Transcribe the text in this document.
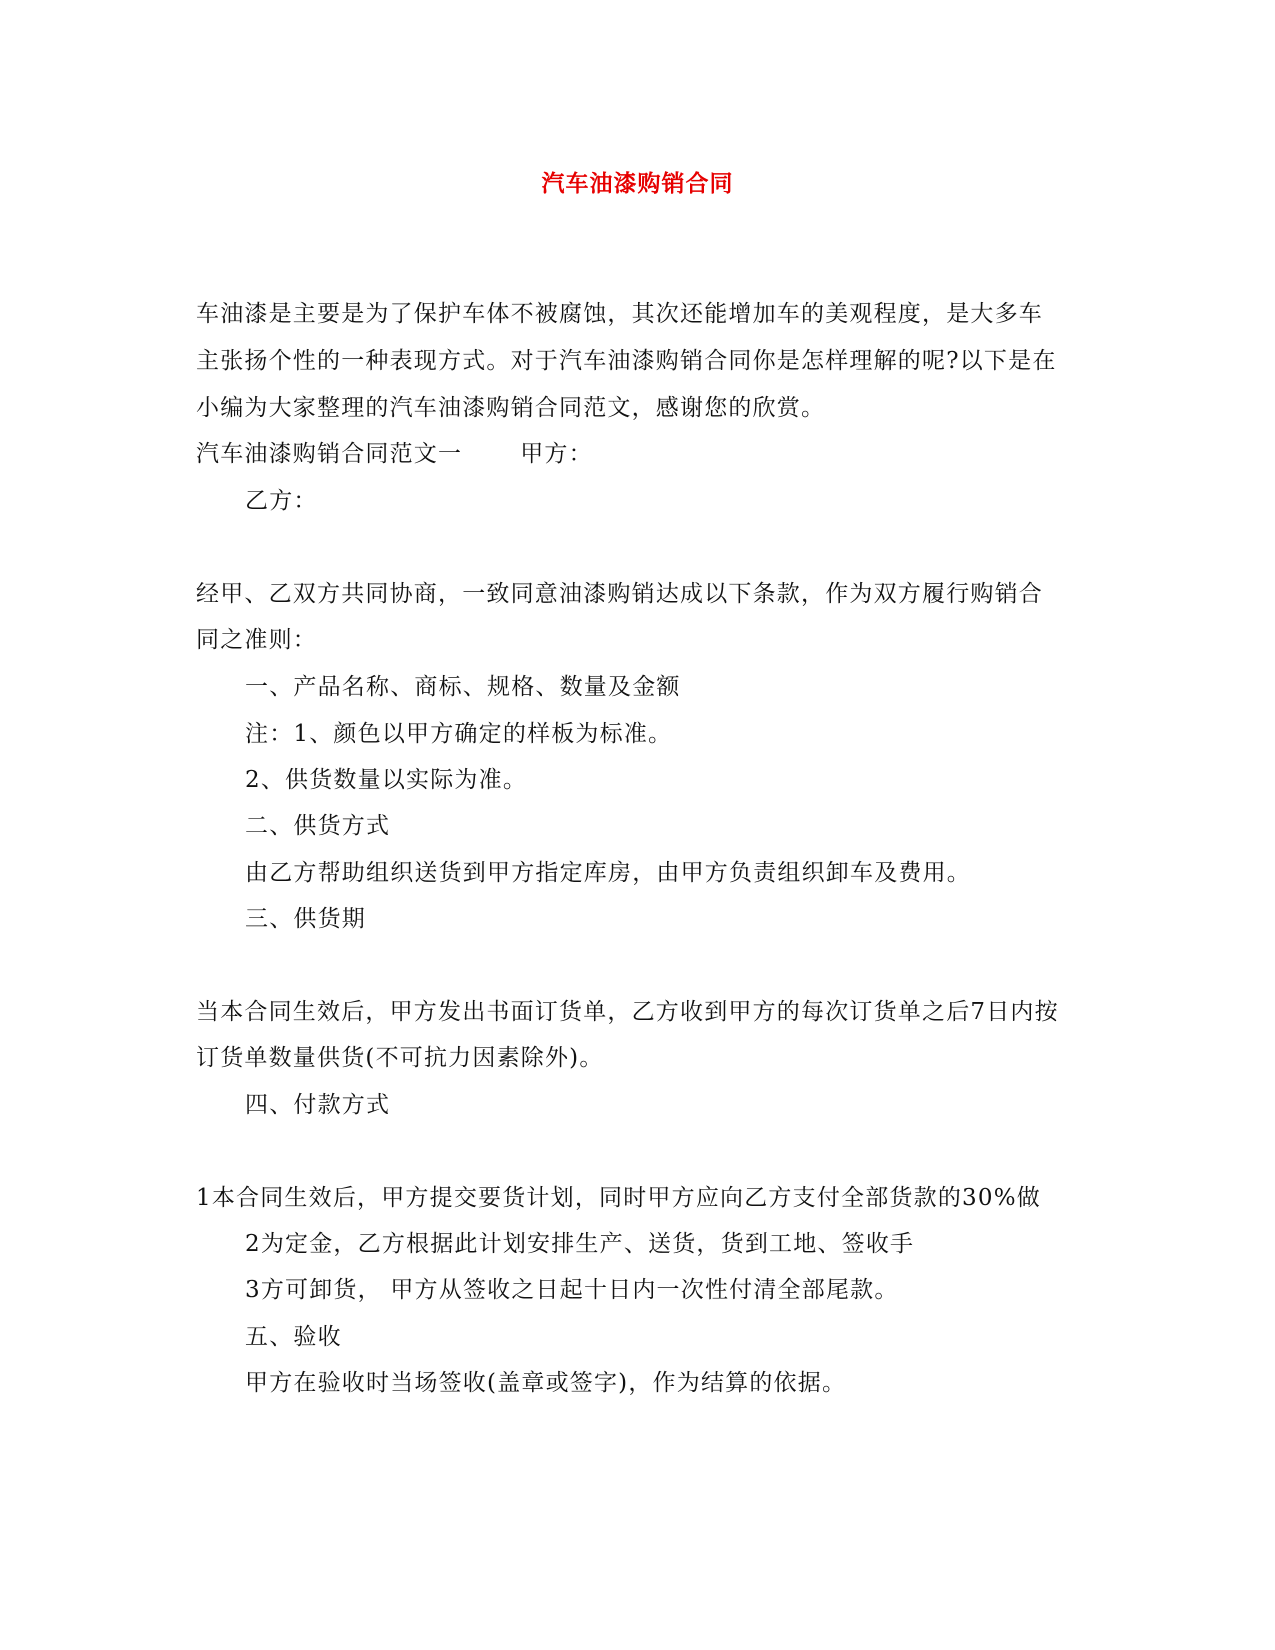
汽车油漆购销合同
车油漆是主要是为了保护车体不被腐蚀，其次还能增加车的美观程度，是大多车
主张扬个性的一种表现方式。对于汽车油漆购销合同你是怎样理解的呢?以下是在
小编为大家整理的汽车油漆购销合同范文，感谢您的欣赏。
汽车油漆购销合同范文一	甲方：
乙方：
经甲、乙双方共同协商，一致同意油漆购销达成以下条款，作为双方履行购销合
同之准则：
一、产品名称、商标、规格、数量及金额
注：1、颜色以甲方确定的样板为标准。
2、供货数量以实际为准。
二、供货方式
由乙方帮助组织送货到甲方指定库房，由甲方负责组织卸车及费用。
三、供货期
当本合同生效后，甲方发出书面订货单，乙方收到甲方的每次订货单之后7日内按
订货单数量供货(不可抗力因素除外)。
四、付款方式
1本合同生效后，甲方提交要货计划，同时甲方应向乙方支付全部货款的30%做
2为定金，乙方根据此计划安排生产、送货，货到工地、签收手
3方可卸货， 甲方从签收之日起十日内一次性付清全部尾款。
五、验收
甲方在验收时当场签收(盖章或签字)，作为结算的依据。
